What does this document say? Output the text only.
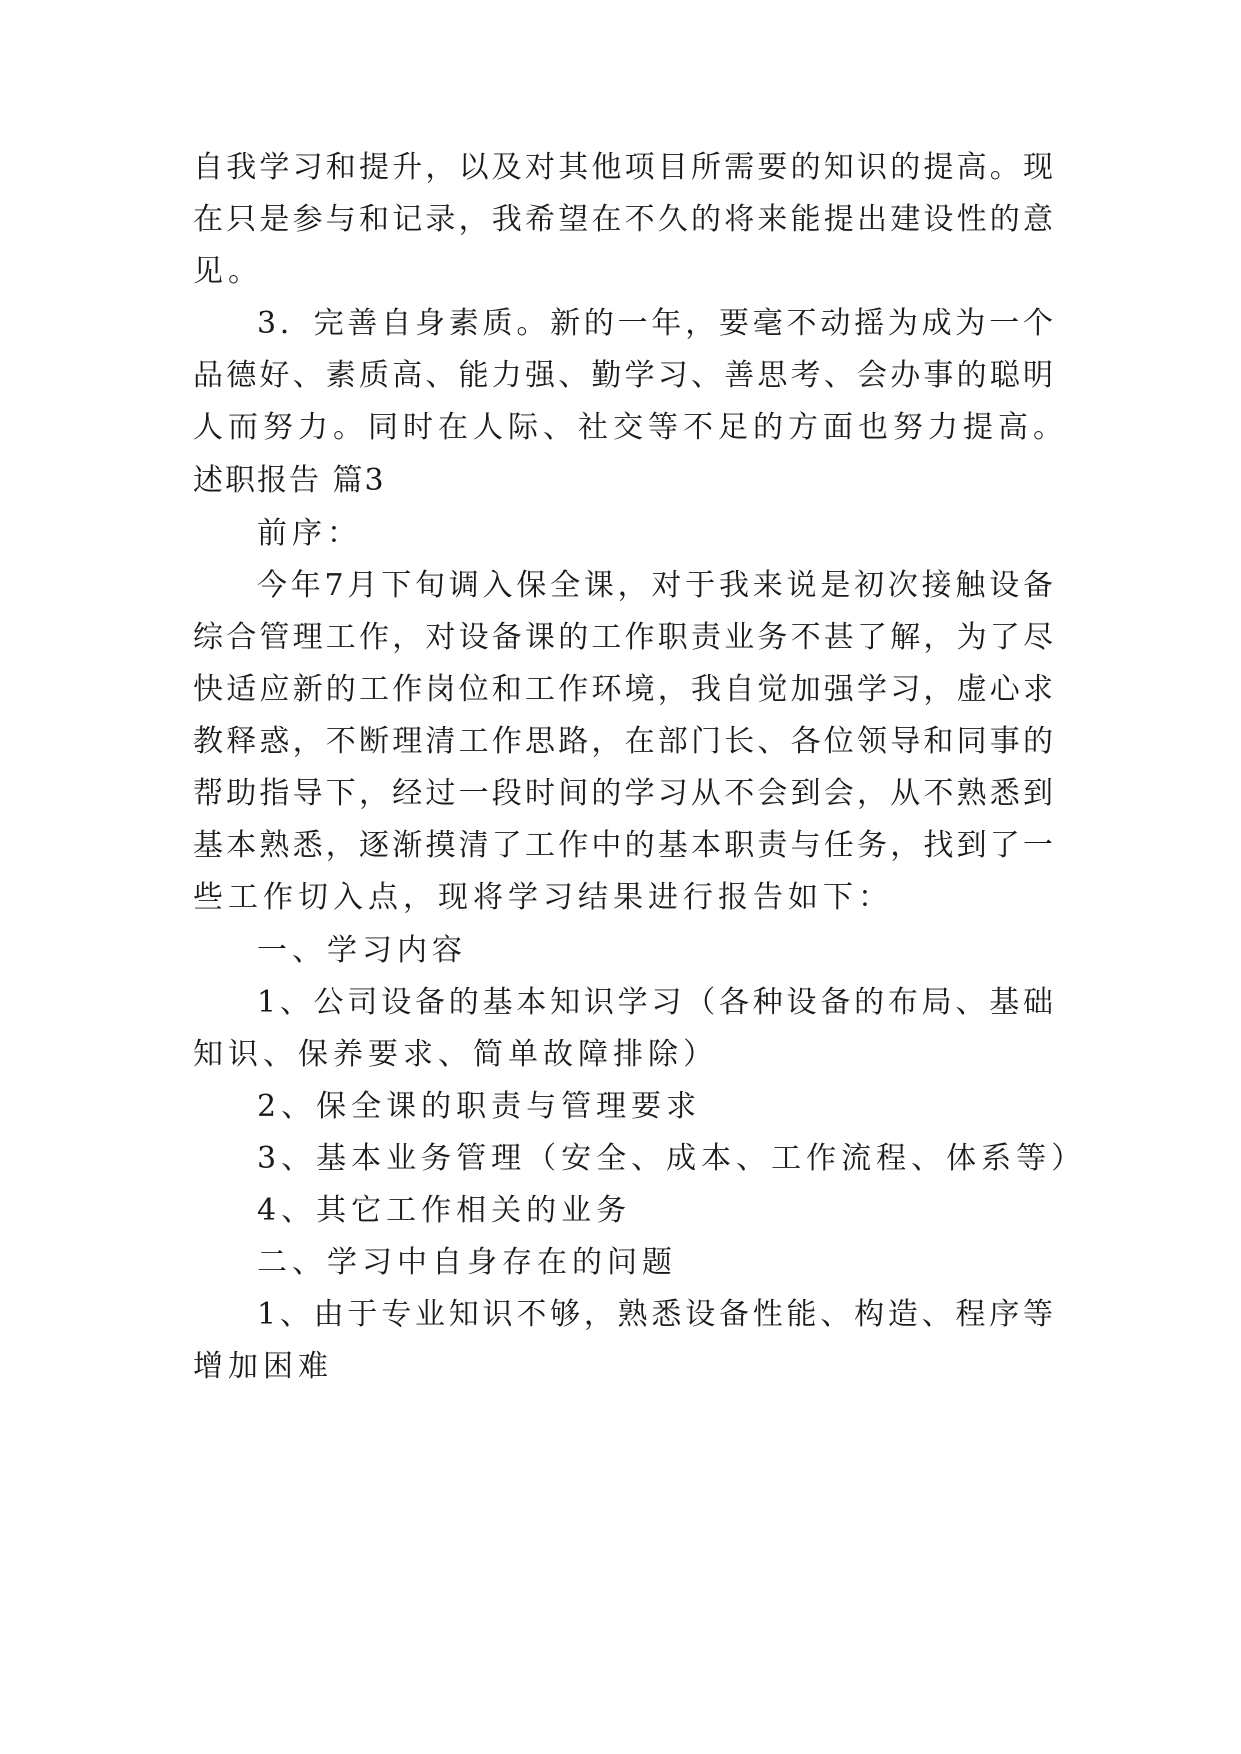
自我学习和提升，以及对其他项目所需要的知识的提高。现
在只是参与和记录，我希望在不久的将来能提出建设性的意
见。
3．完善自身素质。新的一年，要毫不动摇为成为一个
品德好、素质高、能力强、勤学习、善思考、会办事的聪明
人而努力。同时在人际、社交等不足的方面也努力提高。
述职报告 篇3
前序：
今年7月下旬调入保全课，对于我来说是初次接触设备
综合管理工作，对设备课的工作职责业务不甚了解，为了尽
快适应新的工作岗位和工作环境，我自觉加强学习，虚心求
教释惑，不断理清工作思路，在部门长、各位领导和同事的
帮助指导下，经过一段时间的学习从不会到会，从不熟悉到
基本熟悉，逐渐摸清了工作中的基本职责与任务，找到了一
些工作切入点，现将学习结果进行报告如下：
一、学习内容
1、公司设备的基本知识学习（各种设备的布局、基础
知识、保养要求、简单故障排除）
2、保全课的职责与管理要求
3、基本业务管理（安全、成本、工作流程、体系等）
4、其它工作相关的业务
二、学习中自身存在的问题
1、由于专业知识不够，熟悉设备性能、构造、程序等
增加困难
